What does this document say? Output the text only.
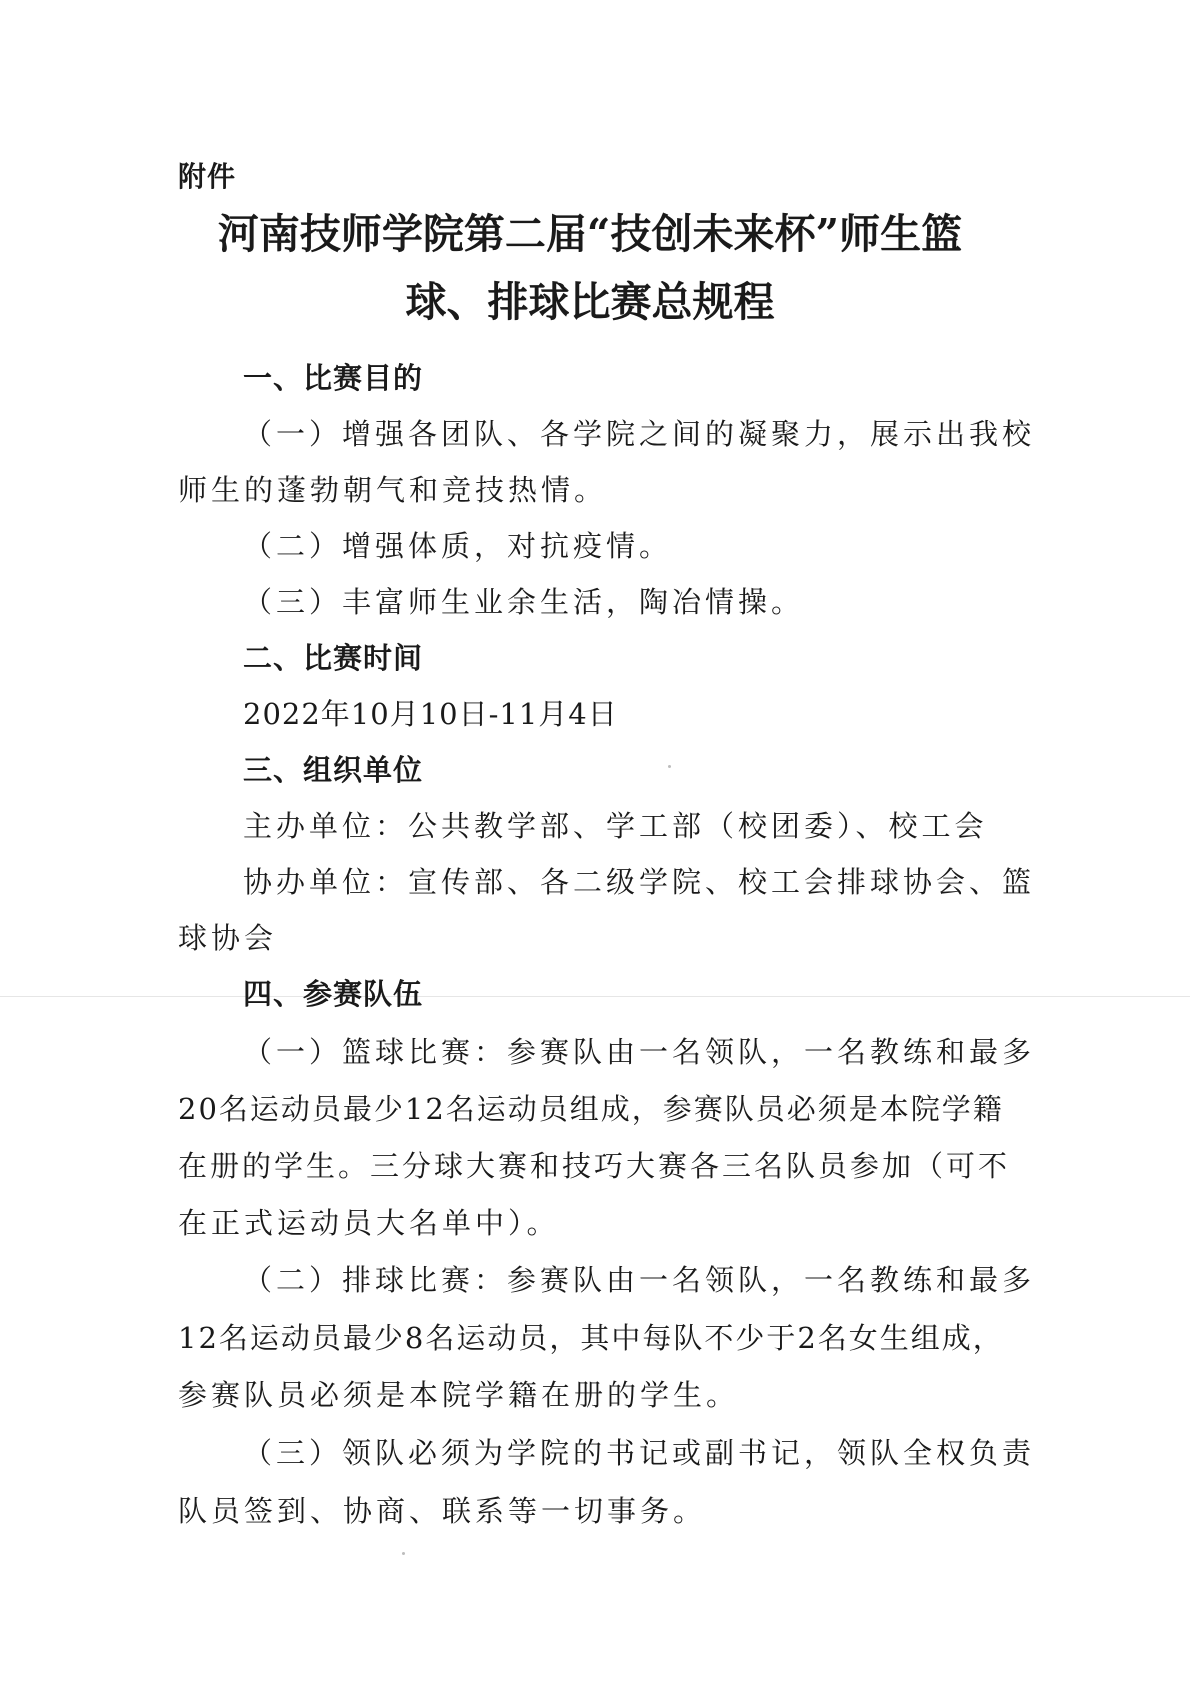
附件
河南技师学院第二届“技创未来杯”师生篮
球、排球比赛总规程
一、比赛目的
（一）增强各团队、各学院之间的凝聚力，展示出我校
师生的蓬勃朝气和竞技热情。
（二）增强体质，对抗疫情。
（三）丰富师生业余生活，陶冶情操。
二、比赛时间
2022年10月10日-11月4日
三、组织单位
主办单位：公共教学部、学工部（校团委）、校工会
协办单位：宣传部、各二级学院、校工会排球协会、篮
球协会
四、参赛队伍
（一）篮球比赛：参赛队由一名领队，一名教练和最多
20名运动员最少12名运动员组成，参赛队员必须是本院学籍
在册的学生。三分球大赛和技巧大赛各三名队员参加（可不
在正式运动员大名单中）。
（二）排球比赛：参赛队由一名领队，一名教练和最多
12名运动员最少8名运动员，其中每队不少于2名女生组成，
参赛队员必须是本院学籍在册的学生。
（三）领队必须为学院的书记或副书记，领队全权负责
队员签到、协商、联系等一切事务。
